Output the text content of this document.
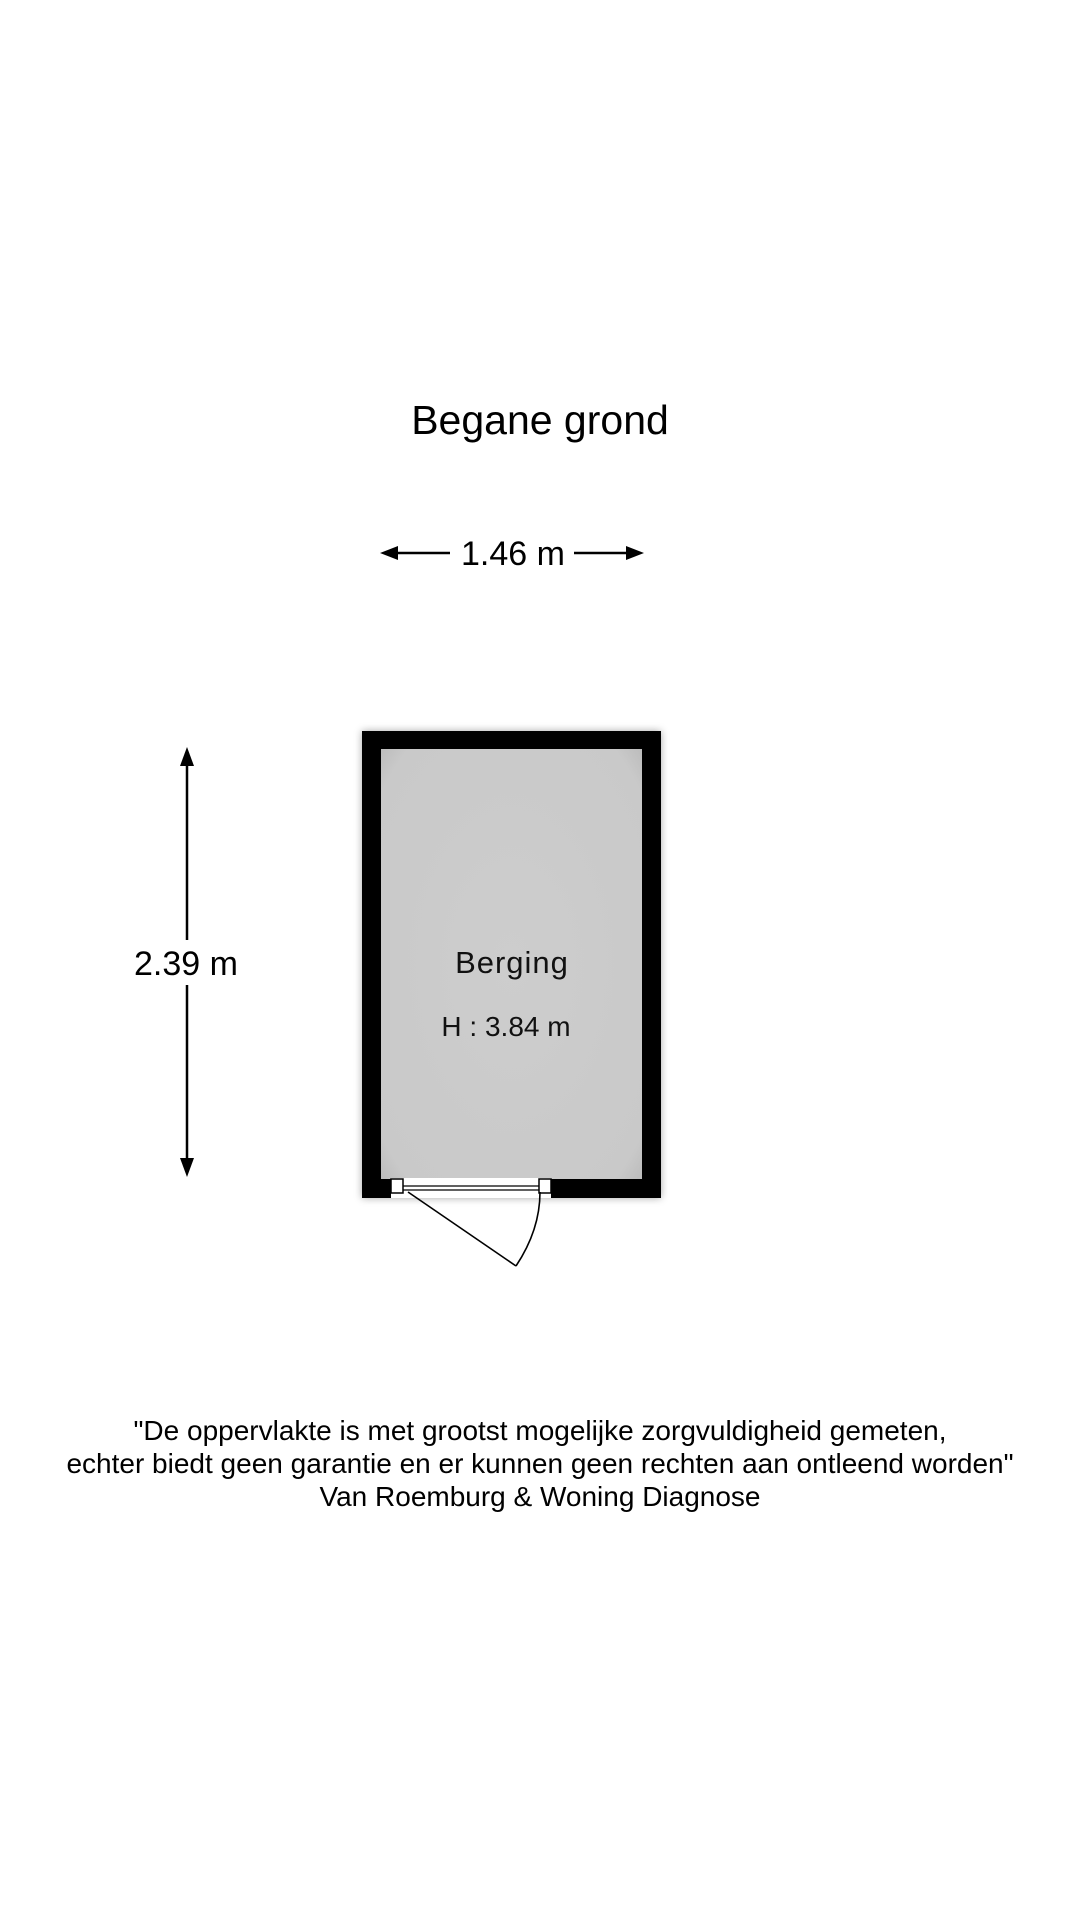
Begane grond
1.46 m
2.39 m	Berging
H : 3.84 m
"De oppervlakte is met grootst mogelijke zorgvuldigheid gemeten,
echter biedt geen garantie en er kunnen geen rechten aan ontleend worden"
Van Roemburg & Woning Diagnose
